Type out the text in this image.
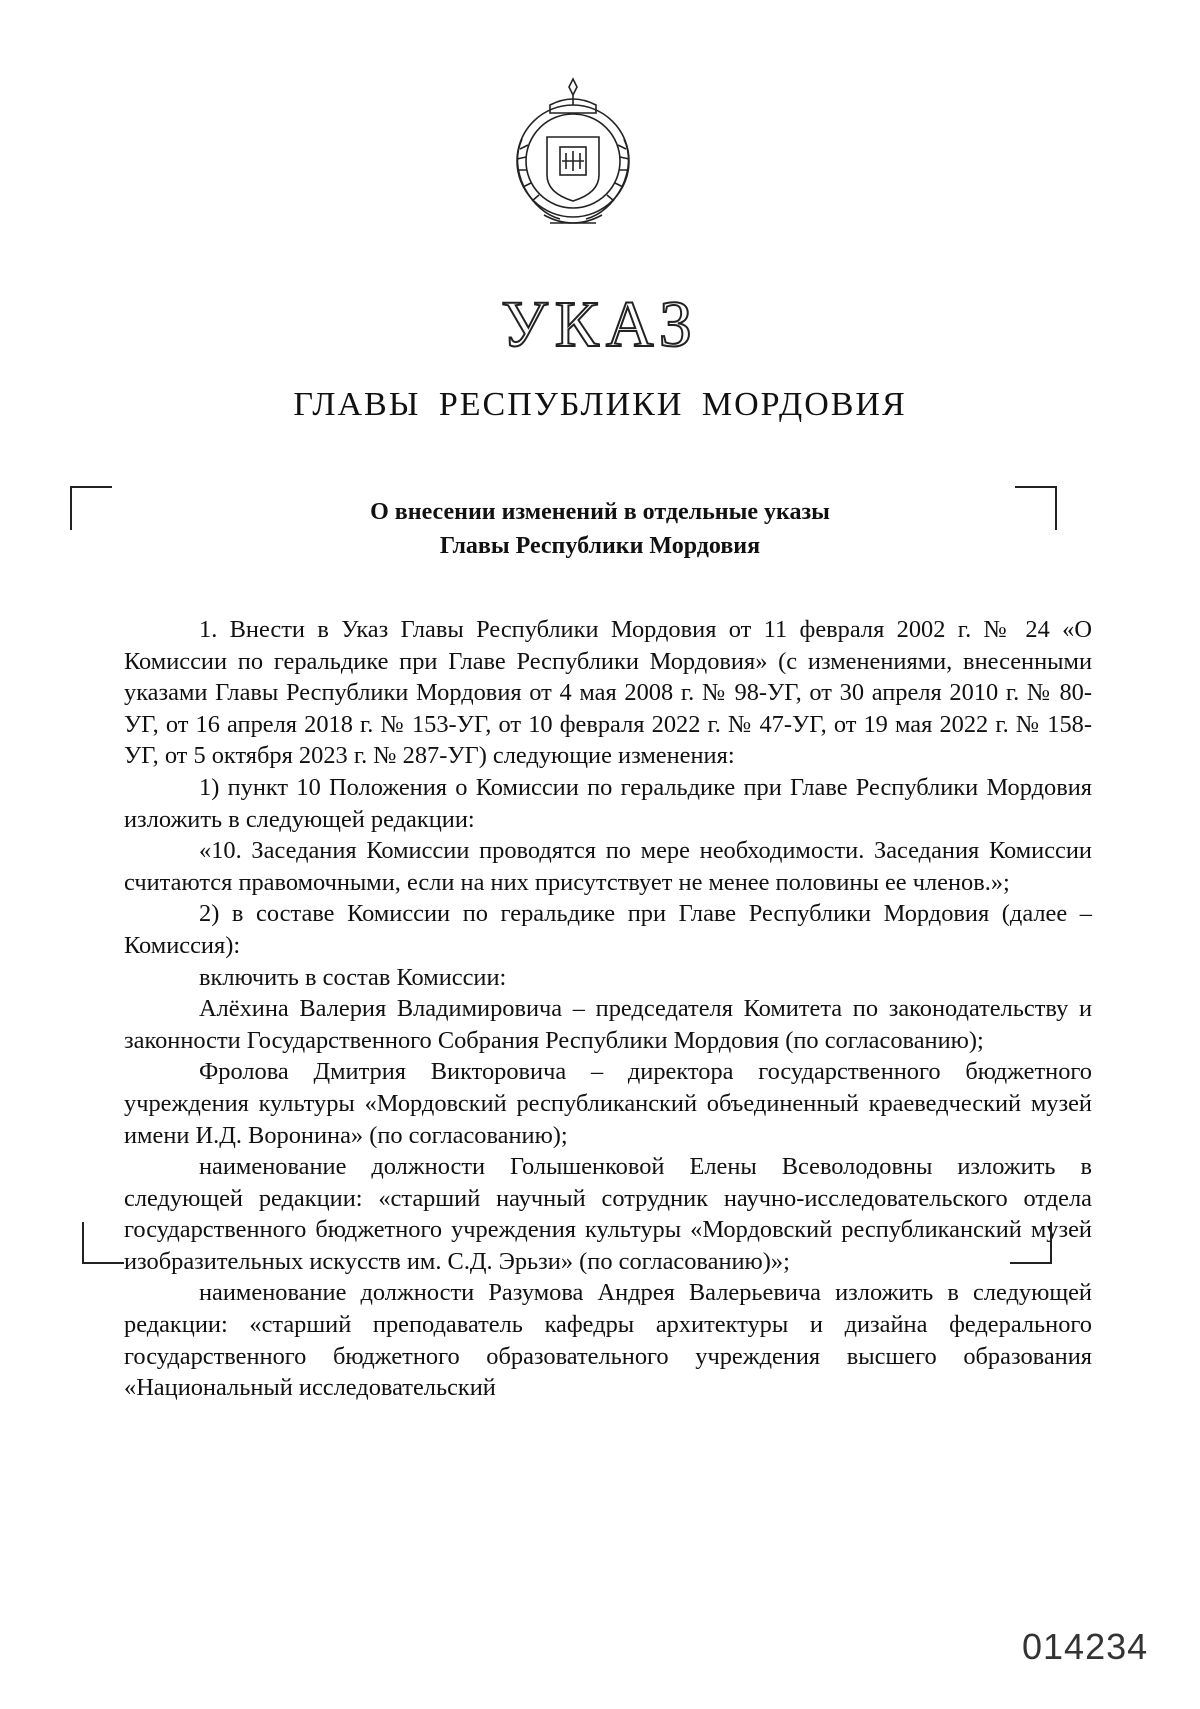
УКАЗ
ГЛАВЫ РЕСПУБЛИКИ МОРДОВИЯ
О внесении изменений в отдельные указы
Главы Республики Мордовия

1. Внести в Указ Главы Республики Мордовия от 11 февраля 2002 г. № 24 «О Комиссии по геральдике при Главе Республики Мордовия» (с изменениями, внесенными указами Главы Республики Мордовия от 4 мая 2008 г. № 98-УГ, от 30 апреля 2010 г. № 80-УГ, от 16 апреля 2018 г. № 153-УГ, от 10 февраля 2022 г. № 47-УГ, от 19 мая 2022 г. № 158-УГ, от 5 октября 2023 г. № 287-УГ) следующие изменения:

1) пункт 10 Положения о Комиссии по геральдике при Главе Республики Мордовия изложить в следующей редакции:

«10. Заседания Комиссии проводятся по мере необходимости. Заседания Комиссии считаются правомочными, если на них присутствует не менее половины ее членов.»;

2) в составе Комиссии по геральдике при Главе Республики Мордовия (далее – Комиссия):

включить в состав Комиссии:

Алёхина Валерия Владимировича – председателя Комитета по законодательству и законности Государственного Собрания Республики Мордовия (по согласованию);

Фролова Дмитрия Викторовича – директора государственного бюджетного учреждения культуры «Мордовский республиканский объединенный краеведческий музей имени И.Д. Воронина» (по согласованию);

наименование должности Голышенковой Елены Всеволодовны изложить в следующей редакции: «старший научный сотрудник научно-исследовательского отдела государственного бюджетного учреждения культуры «Мордовский республиканский музей изобразительных искусств им. С.Д. Эрьзи» (по согласованию)»;

наименование должности Разумова Андрея Валерьевича изложить в следующей редакции: «старший преподаватель кафедры архитектуры и дизайна федерального государственного бюджетного образовательного учреждения высшего образования «Национальный исследовательский

014234
